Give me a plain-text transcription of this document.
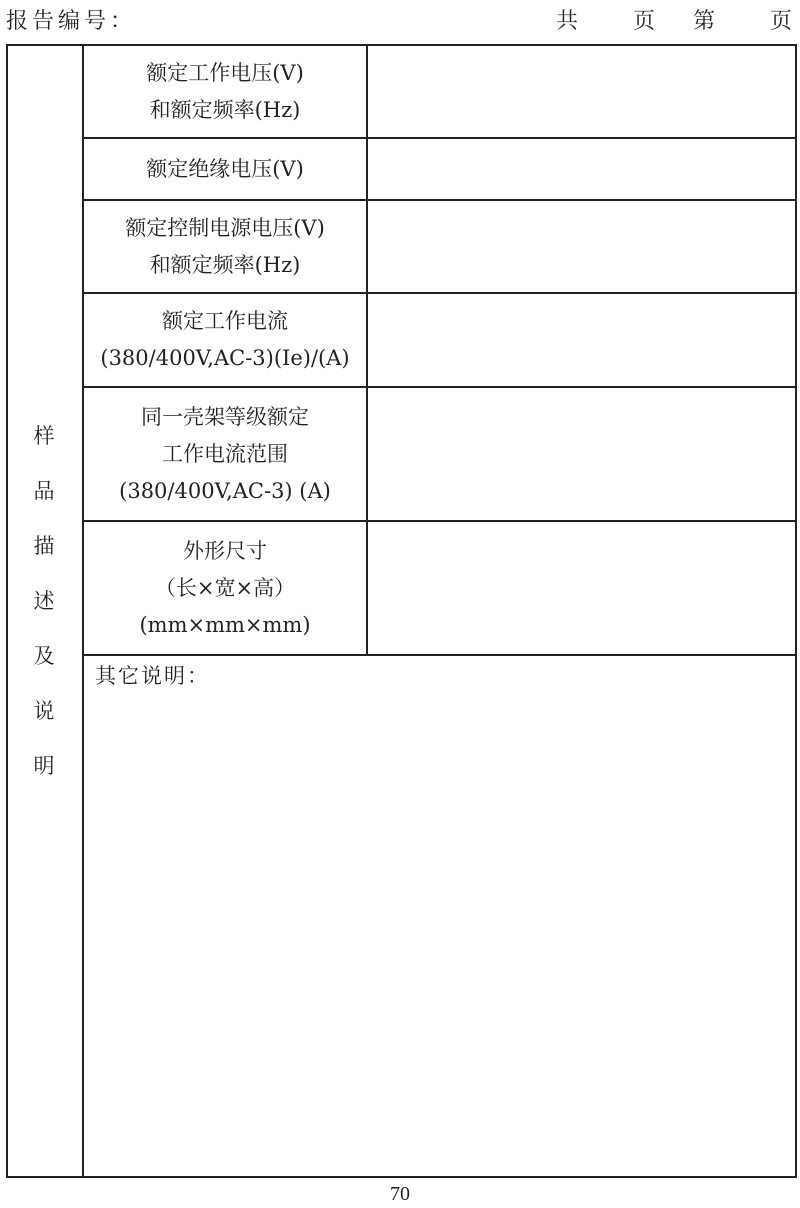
报告编号：	共   页  第   页
样
品
描
述
及
说
明
额定工作电压(V)
和额定频率(Hz)
额定绝缘电压(V)
额定控制电源电压(V)
和额定频率(Hz)
额定工作电流
(380/400V,AC-3)(Ie)/(A)
同一壳架等级额定
工作电流范围
(380/400V,AC-3) (A)
外形尺寸
（长×宽×高）
(mm×mm×mm)
其它说明：
70
